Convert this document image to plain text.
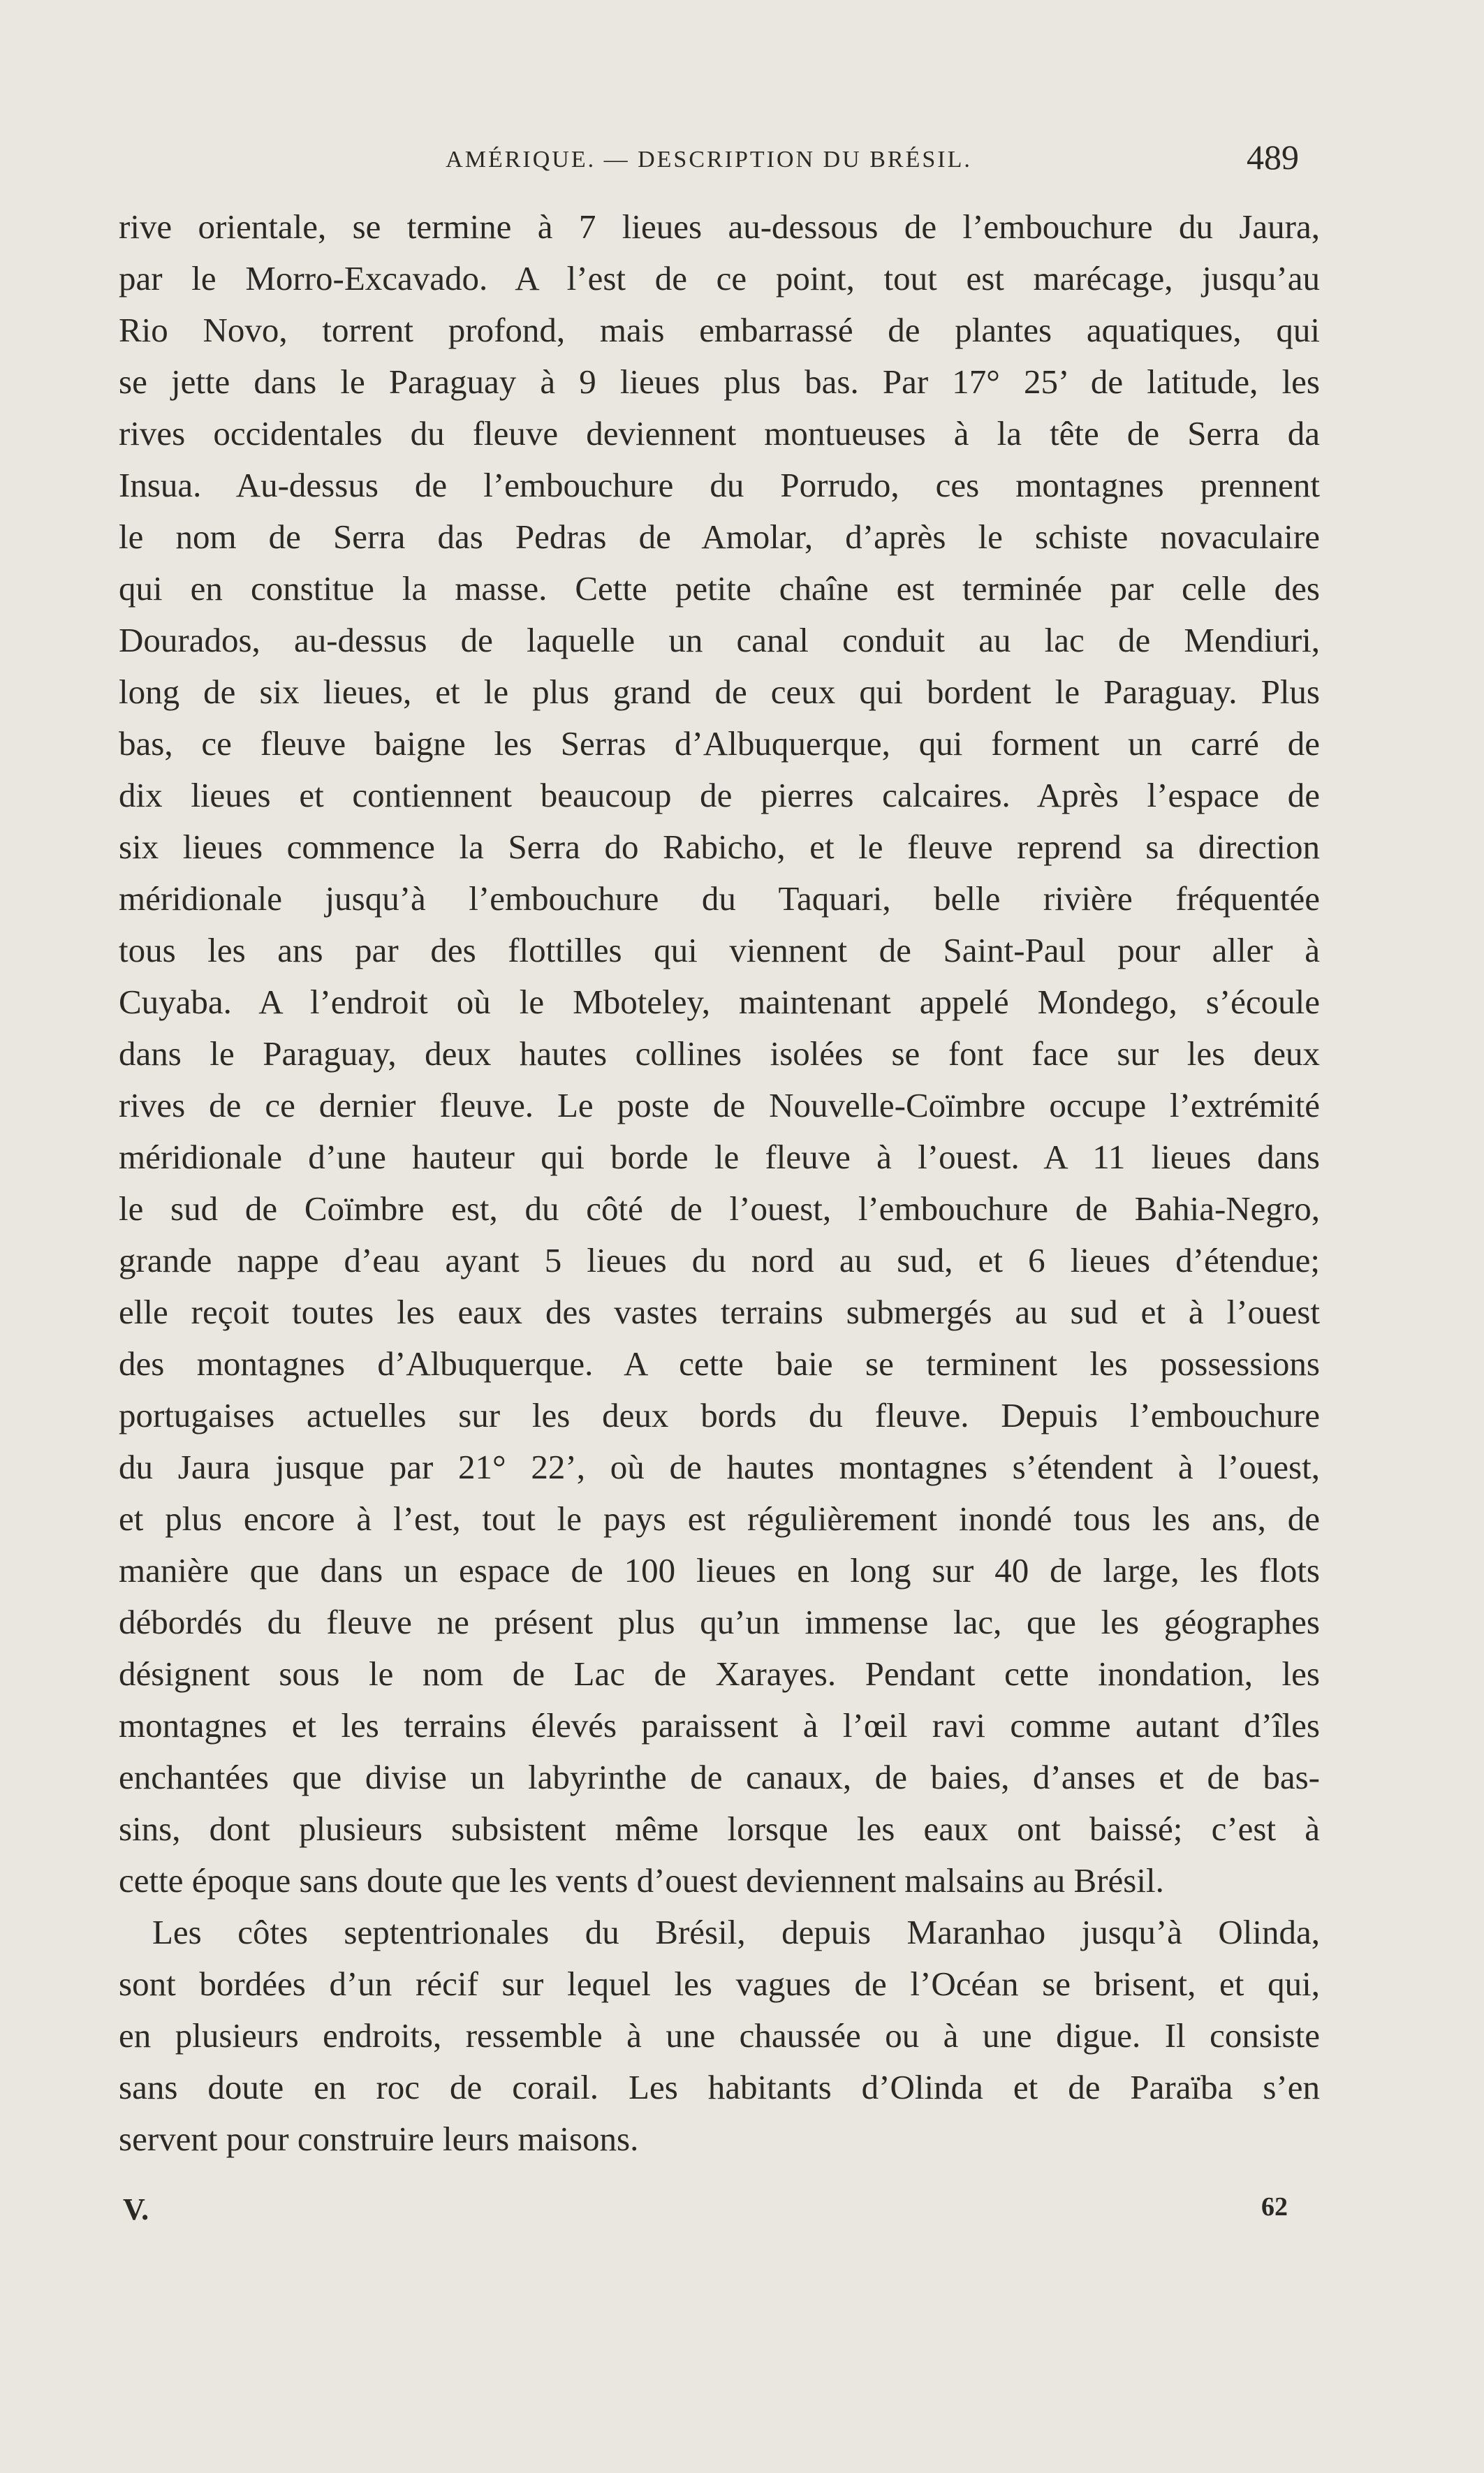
AMÉRIQUE. — DESCRIPTION DU BRÉSIL.	489
rive orientale, se termine à 7 lieues au-dessous de l’embouchure du Jaura,
par le Morro-Excavado. A l’est de ce point, tout est marécage, jusqu’au
Rio Novo, torrent profond, mais embarrassé de plantes aquatiques, qui
se jette dans le Paraguay à 9 lieues plus bas. Par 17° 25’ de latitude, les
rives occidentales du fleuve deviennent montueuses à la tête de Serra da
Insua. Au-dessus de l’embouchure du Porrudo, ces montagnes prennent
le nom de Serra das Pedras de Amolar, d’après le schiste novaculaire
qui en constitue la masse. Cette petite chaîne est terminée par celle des
Dourados, au-dessus de laquelle un canal conduit au lac de Mendiuri,
long de six lieues, et le plus grand de ceux qui bordent le Paraguay. Plus
bas, ce fleuve baigne les Serras d’Albuquerque, qui forment un carré de
dix lieues et contiennent beaucoup de pierres calcaires. Après l’espace de
six lieues commence la Serra do Rabicho, et le fleuve reprend sa direction
méridionale jusqu’à l’embouchure du Taquari, belle rivière fréquentée
tous les ans par des flottilles qui viennent de Saint-Paul pour aller à
Cuyaba. A l’endroit où le Mboteley, maintenant appelé Mondego, s’écoule
dans le Paraguay, deux hautes collines isolées se font face sur les deux
rives de ce dernier fleuve. Le poste de Nouvelle-Coïmbre occupe l’extrémité
méridionale d’une hauteur qui borde le fleuve à l’ouest. A 11 lieues dans
le sud de Coïmbre est, du côté de l’ouest, l’embouchure de Bahia-Negro,
grande nappe d’eau ayant 5 lieues du nord au sud, et 6 lieues d’étendue;
elle reçoit toutes les eaux des vastes terrains submergés au sud et à l’ouest
des montagnes d’Albuquerque. A cette baie se terminent les possessions
portugaises actuelles sur les deux bords du fleuve. Depuis l’embouchure
du Jaura jusque par 21° 22’, où de hautes montagnes s’étendent à l’ouest,
et plus encore à l’est, tout le pays est régulièrement inondé tous les ans, de
manière que dans un espace de 100 lieues en long sur 40 de large, les flots
débordés du fleuve ne présent plus qu’un immense lac, que les géographes
désignent sous le nom de Lac de Xarayes. Pendant cette inondation, les
montagnes et les terrains élevés paraissent à l’œil ravi comme autant d’îles
enchantées que divise un labyrinthe de canaux, de baies, d’anses et de bas-
sins, dont plusieurs subsistent même lorsque les eaux ont baissé; c’est à
cette époque sans doute que les vents d’ouest deviennent malsains au Brésil.
Les côtes septentrionales du Brésil, depuis Maranhao jusqu’à Olinda,
sont bordées d’un récif sur lequel les vagues de l’Océan se brisent, et qui,
en plusieurs endroits, ressemble à une chaussée ou à une digue. Il consiste
sans doute en roc de corail. Les habitants d’Olinda et de Paraïba s’en
servent pour construire leurs maisons.
V.	62
